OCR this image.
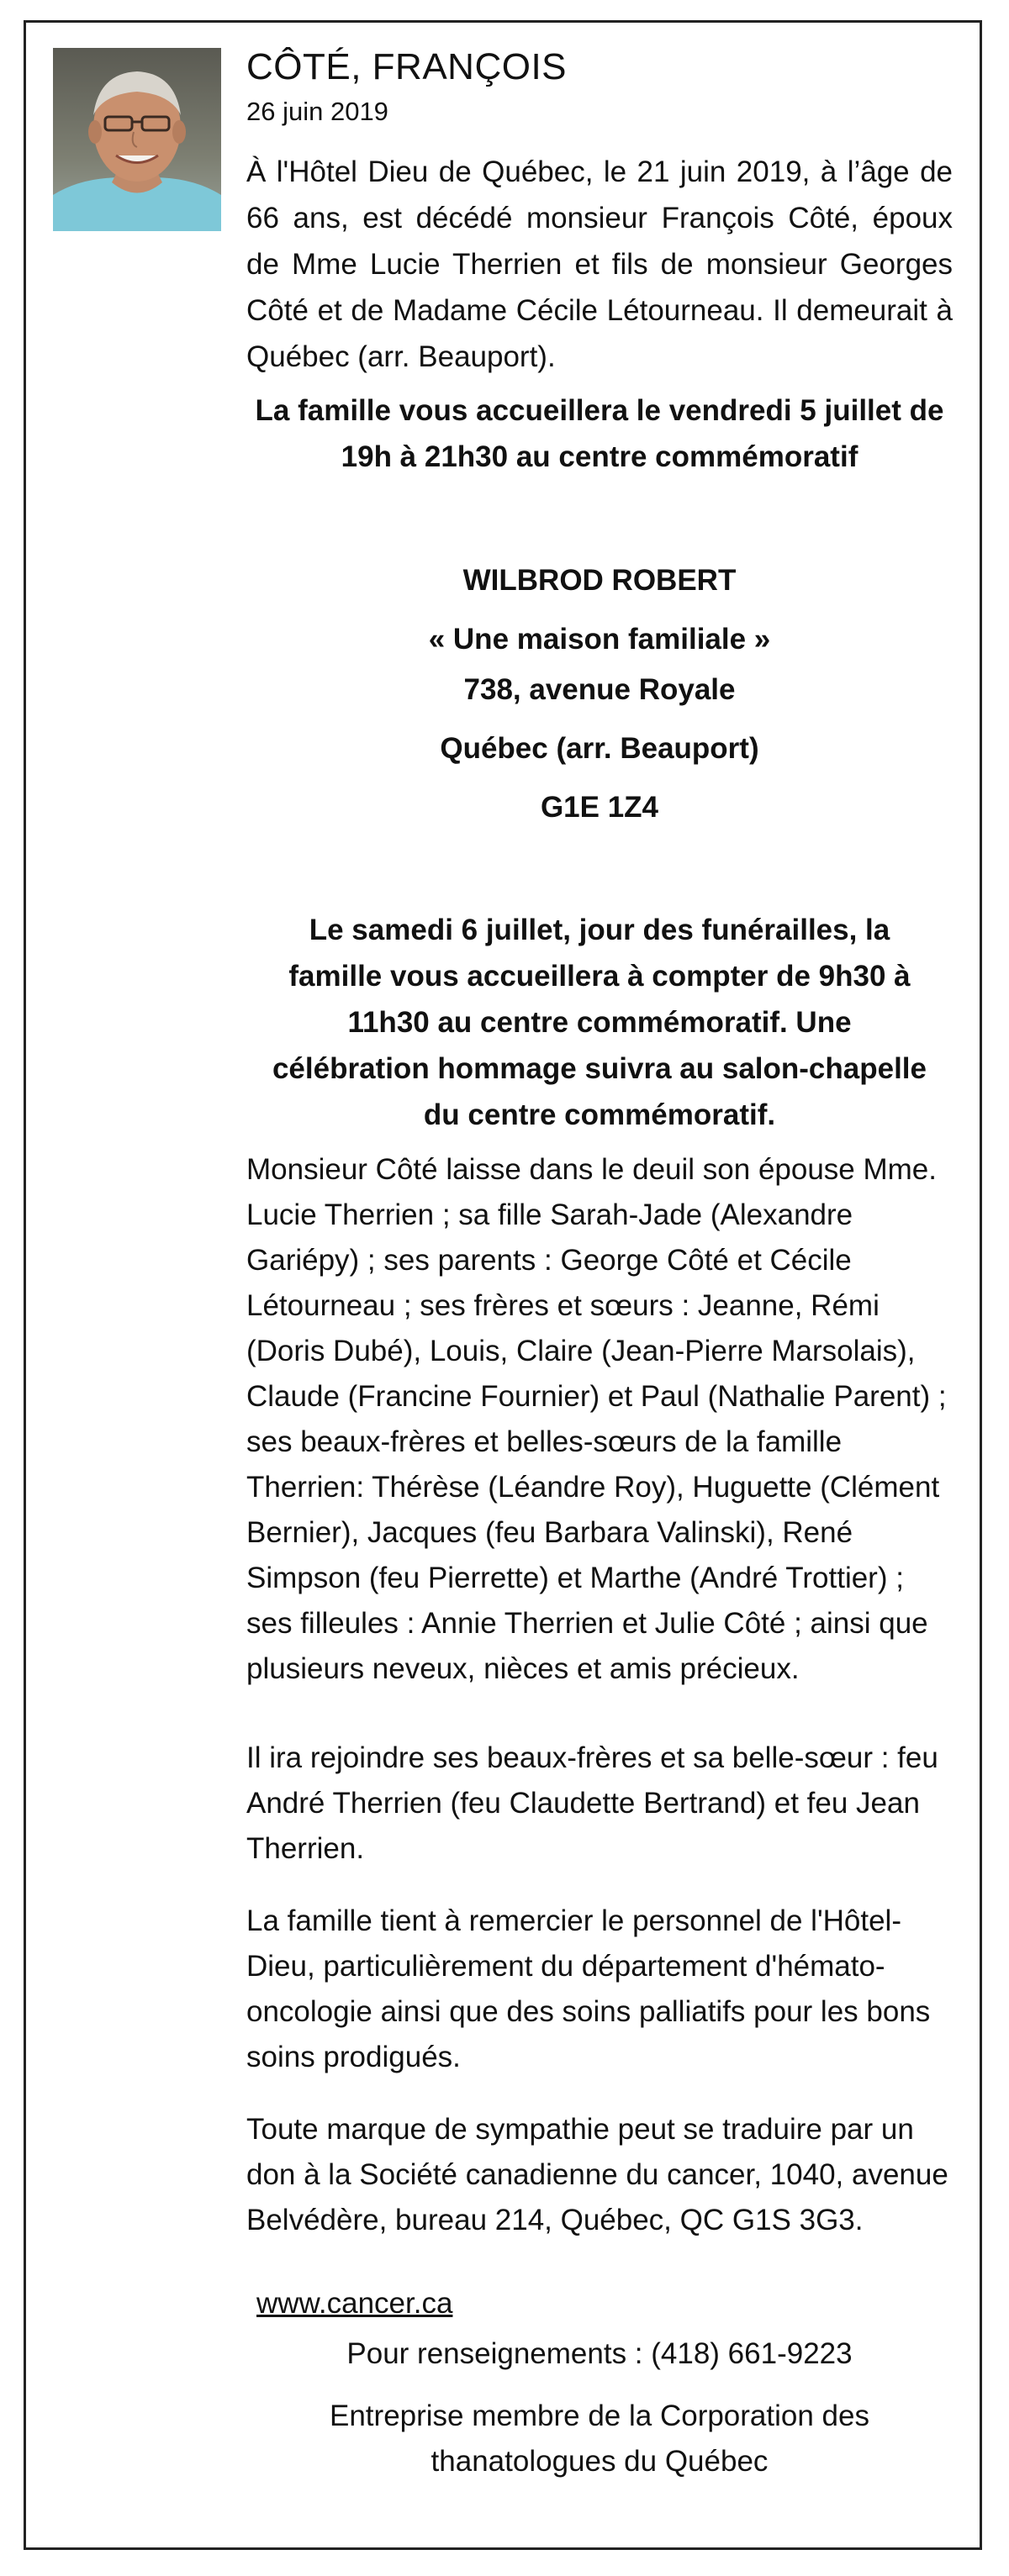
CÔTÉ, FRANÇOIS
26 juin 2019
À l'Hôtel Dieu de Québec, le 21 juin 2019, à l’âge de 66 ans, est décédé monsieur François Côté, époux de Mme Lucie Therrien et fils de monsieur Georges Côté et de Madame Cécile Létourneau. Il demeurait à Québec (arr. Beauport).
La famille vous accueillera le vendredi 5 juillet de 19h à 21h30 au centre commémoratif
WILBROD ROBERT
« Une maison familiale »
738, avenue Royale
Québec (arr. Beauport)
G1E 1Z4
Le samedi 6 juillet, jour des funérailles, la famille vous accueillera à compter de 9h30 à 11h30 au centre commémoratif. Une célébration hommage suivra au salon-chapelle du centre commémoratif.
Monsieur Côté laisse dans le deuil son épouse Mme. Lucie Therrien ; sa fille Sarah-Jade (Alexandre Gariépy) ; ses parents : George Côté et Cécile Létourneau ; ses frères et sœurs : Jeanne, Rémi (Doris Dubé), Louis, Claire (Jean-Pierre Marsolais), Claude (Francine Fournier) et Paul (Nathalie Parent) ; ses beaux-frères et belles-sœurs de la famille Therrien: Thérèse (Léandre Roy), Huguette (Clément Bernier), Jacques (feu Barbara Valinski), René Simpson (feu Pierrette) et Marthe (André Trottier) ; ses filleules : Annie Therrien et Julie Côté ; ainsi que plusieurs neveux, nièces et amis précieux.
Il ira rejoindre ses beaux-frères et sa belle-sœur : feu André Therrien (feu Claudette Bertrand) et feu Jean Therrien.
La famille tient à remercier le personnel de l'Hôtel-Dieu, particulièrement du département d'hémato-oncologie ainsi que des soins palliatifs pour les bons soins prodigués.
Toute marque de sympathie peut se traduire par un don à la Société canadienne du cancer, 1040, avenue Belvédère, bureau 214, Québec, QC G1S 3G3.
www.cancer.ca
Pour renseignements : (418) 661-9223
Entreprise membre de la Corporation des
thanatologues du Québec
